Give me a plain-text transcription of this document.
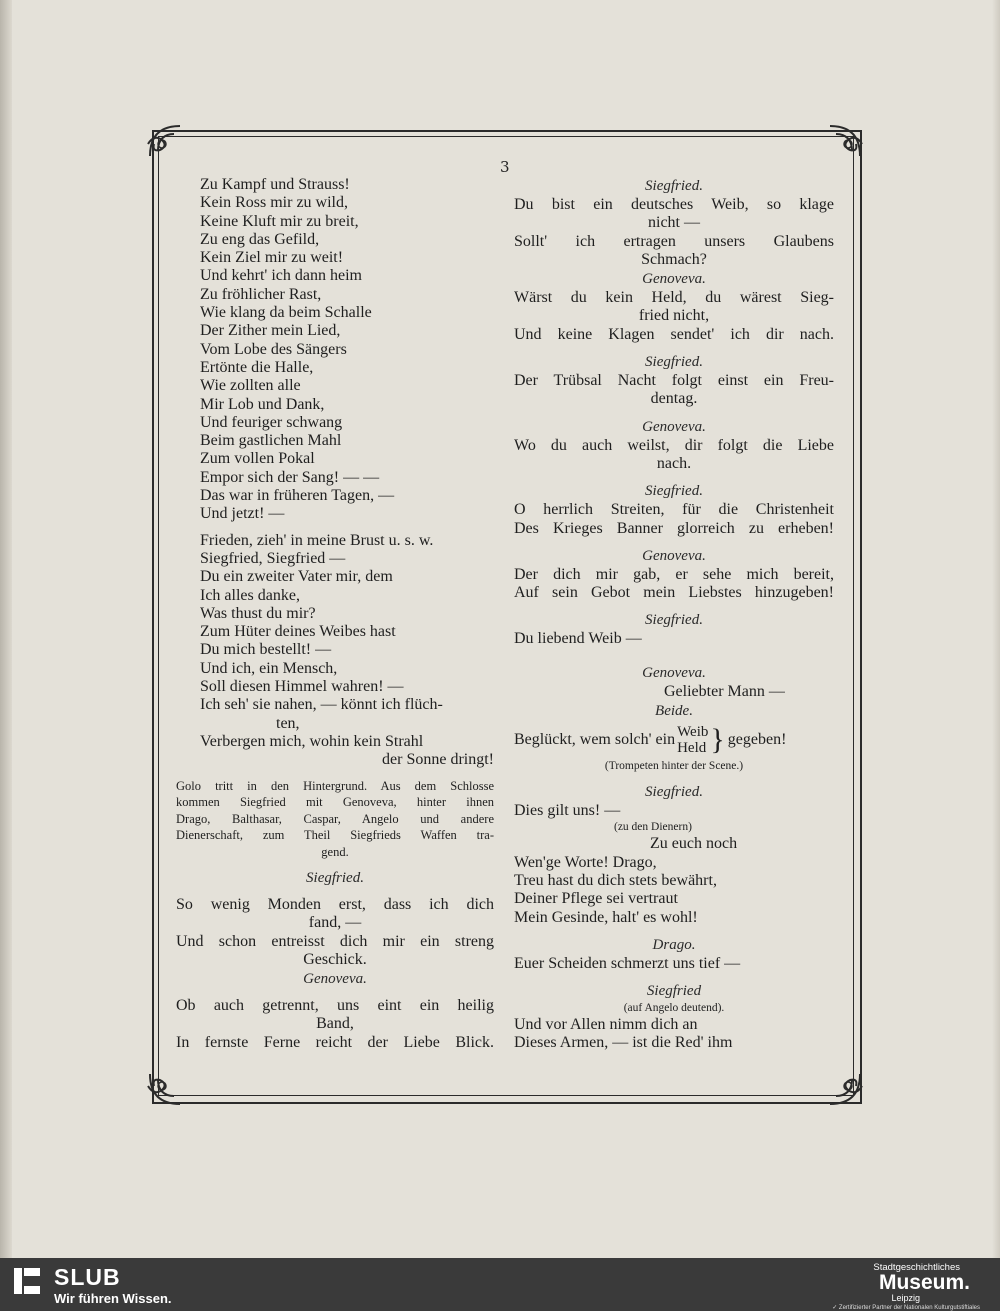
3
Zu Kampf und Strauss!
Kein Ross mir zu wild,
Keine Kluft mir zu breit,
Zu eng das Gefild,
Kein Ziel mir zu weit!
Und kehrt' ich dann heim
Zu fröhlicher Rast,
Wie klang da beim Schalle
Der Zither mein Lied,
Vom Lobe des Sängers
Ertönte die Halle,
Wie zollten alle
Mir Lob und Dank,
Und feuriger schwang
Beim gastlichen Mahl
Zum vollen Pokal
Empor sich der Sang! — —
Das war in früheren Tagen, —
Und jetzt! —
Frieden, zieh' in meine Brust u. s. w.
Siegfried, Siegfried —
Du ein zweiter Vater mir, dem
Ich alles danke,
Was thust du mir?
Zum Hüter deines Weibes hast
Du mich bestellt! —
Und ich, ein Mensch,
Soll diesen Himmel wahren! —
Ich seh' sie nahen, — könnt ich flüch-
ten,
Verbergen mich, wohin kein Strahl
der Sonne dringt!
Golo tritt in den Hintergrund. Aus dem Schlosse
kommen Siegfried mit Genoveva, hinter ihnen
Drago, Balthasar, Caspar, Angelo und andere
Dienerschaft, zum Theil Siegfrieds Waffen tra-
gend.
Siegfried.
So wenig Monden erst, dass ich dich
fand, —
Und schon entreisst dich mir ein streng
Geschick.
Genoveva.
Ob auch getrennt, uns eint ein heilig
Band,
In fernste Ferne reicht der Liebe Blick.
Siegfried.
Du bist ein deutsches Weib, so klage
nicht —
Sollt' ich ertragen unsers Glaubens
Schmach?
Genoveva.
Wärst du kein Held, du wärest Sieg-
fried nicht,
Und keine Klagen sendet' ich dir nach.
Siegfried.
Der Trübsal Nacht folgt einst ein Freu-
dentag.
Genoveva.
Wo du auch weilst, dir folgt die Liebe
nach.
Siegfried.
O herrlich Streiten, für die Christenheit
Des Krieges Banner glorreich zu erheben!
Genoveva.
Der dich mir gab, er sehe mich bereit,
Auf sein Gebot mein Liebstes hinzugeben!
Siegfried.
Du liebend Weib —
Genoveva.
Geliebter Mann —
Beide.
Beglückt, wem solch' ein Weib
Held } gegeben!
(Trompeten hinter der Scene.)
Siegfried.
Dies gilt uns! —
(zu den Dienern)
Zu euch noch
Wen'ge Worte! Drago,
Treu hast du dich stets bewährt,
Deiner Pflege sei vertraut
Mein Gesinde, halt' es wohl!
Drago.
Euer Scheiden schmerzt uns tief —
Siegfried
(auf Angelo deutend).
Und vor Allen nimm dich an
Dieses Armen, — ist die Red' ihm
SLUB
Wir führen Wissen.
Stadtgeschichtliches
Museum.
Leipzig
✓ Zertifizierter Partner der Nationalen Kulturgutstiftiales
